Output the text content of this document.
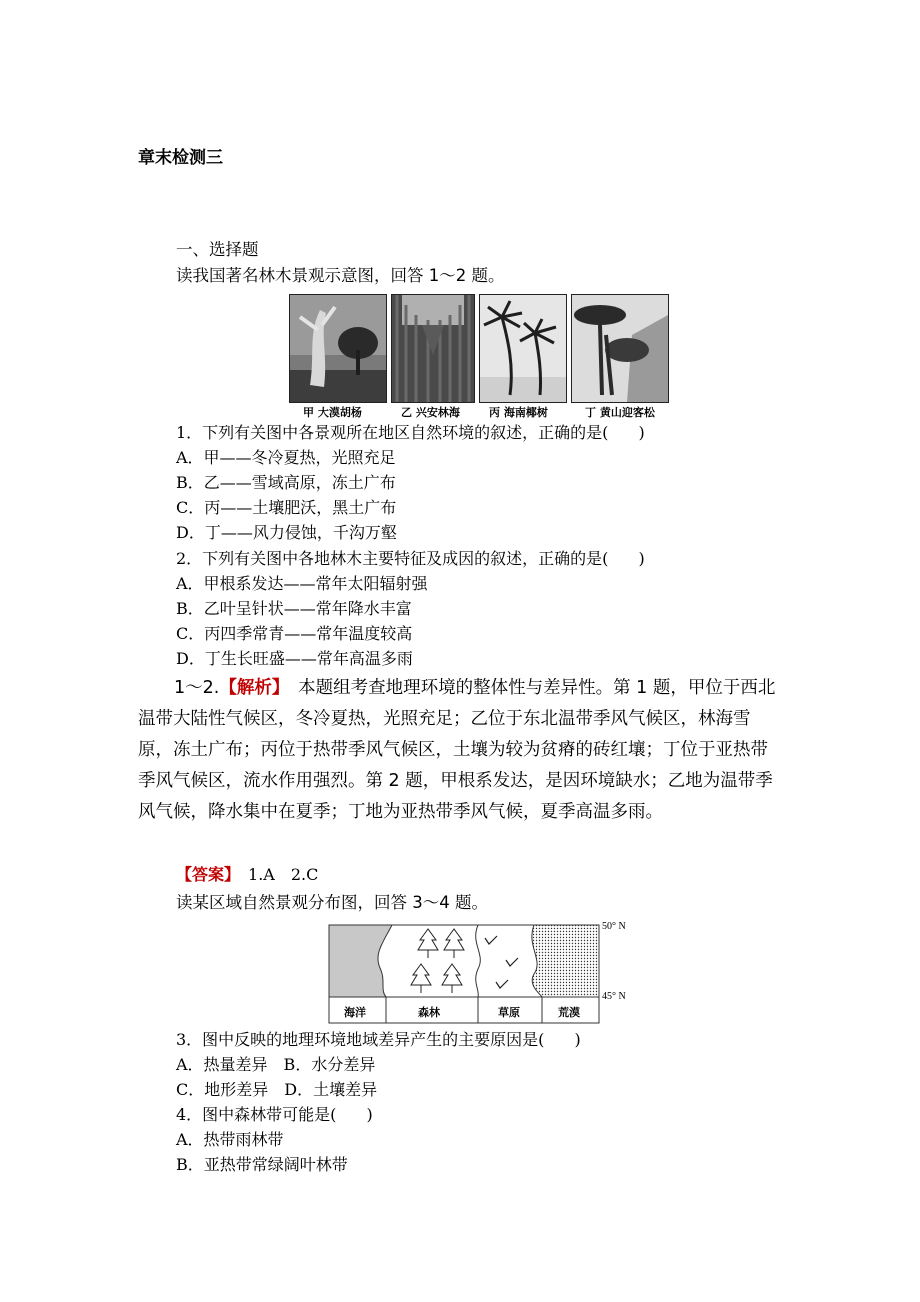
章末检测三
一、选择题
读我国著名林木景观示意图，回答 1～2 题。
甲 大漠胡杨	乙 兴安林海	丙 海南椰树	丁 黄山迎客松
1．下列有关图中各景观所在地区自然环境的叙述，正确的是( )
A．甲——冬冷夏热，光照充足
B．乙——雪域高原，冻土广布
C．丙——土壤肥沃，黑土广布
D．丁——风力侵蚀，千沟万壑
2．下列有关图中各地林木主要特征及成因的叙述，正确的是( )
A．甲根系发达——常年太阳辐射强
B．乙叶呈针状——常年降水丰富
C．丙四季常青——常年温度较高
D．丁生长旺盛——常年高温多雨
1～2.【解析】　本题组考查地理环境的整体性与差异性。第 1 题，甲位于西北温带大陆性气候区，冬冷夏热，光照充足；乙位于东北温带季风气候区，林海雪原，冻土广布；丙位于热带季风气候区，土壤为较为贫瘠的砖红壤；丁位于亚热带季风气候区，流水作用强烈。第 2 题，甲根系发达，是因环境缺水；乙地为温带季风气候，降水集中在夏季；丁地为亚热带季风气候，夏季高温多雨。
【答案】　1.A　2.C
读某区域自然景观分布图，回答 3～4 题。
海洋	森林	草原	荒漠
50° N
45° N
3．图中反映的地理环境地域差异产生的主要原因是( )
A．热量差异　B．水分差异
C．地形差异　D．土壤差异
4．图中森林带可能是( )
A．热带雨林带
B．亚热带常绿阔叶林带
